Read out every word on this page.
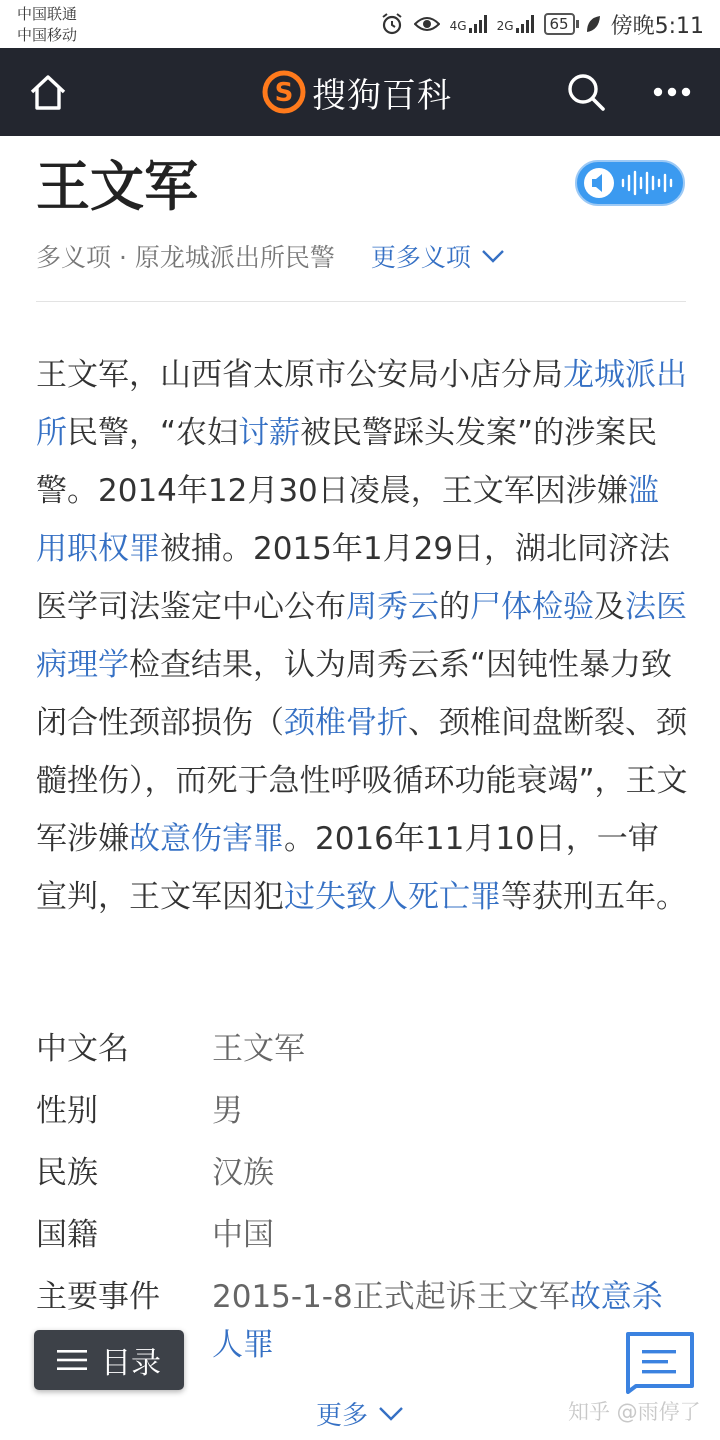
中国联通
中国移动	4G	2G	65 傍晚5:11
S 搜狗百科
王文军
多义项 · 原龙城派出所民警 更多义项

王文军，山西省太原市公安局小店分局龙城派出所民警，“农妇讨薪被民警踩头发案”的涉案民警。2014年12月30日凌晨，王文军因涉嫌滥用职权罪被捕。2015年1月29日，湖北同济法医学司法鉴定中心公布周秀云的尸体检验及法医病理学检查结果，认为周秀云系“因钝性暴力致闭合性颈部损伤（颈椎骨折、颈椎间盘断裂、颈髓挫伤），而死于急性呼吸循环功能衰竭”，王文军涉嫌故意伤害罪。2016年11月10日，一审宣判，王文军因犯过失致人死亡罪等获刑五年。

中文名	王文军
性别	男
民族	汉族
国籍	中国
主要事件	2015-1-8正式起诉王文军故意杀人罪
目录
更多	知乎 @雨停了
